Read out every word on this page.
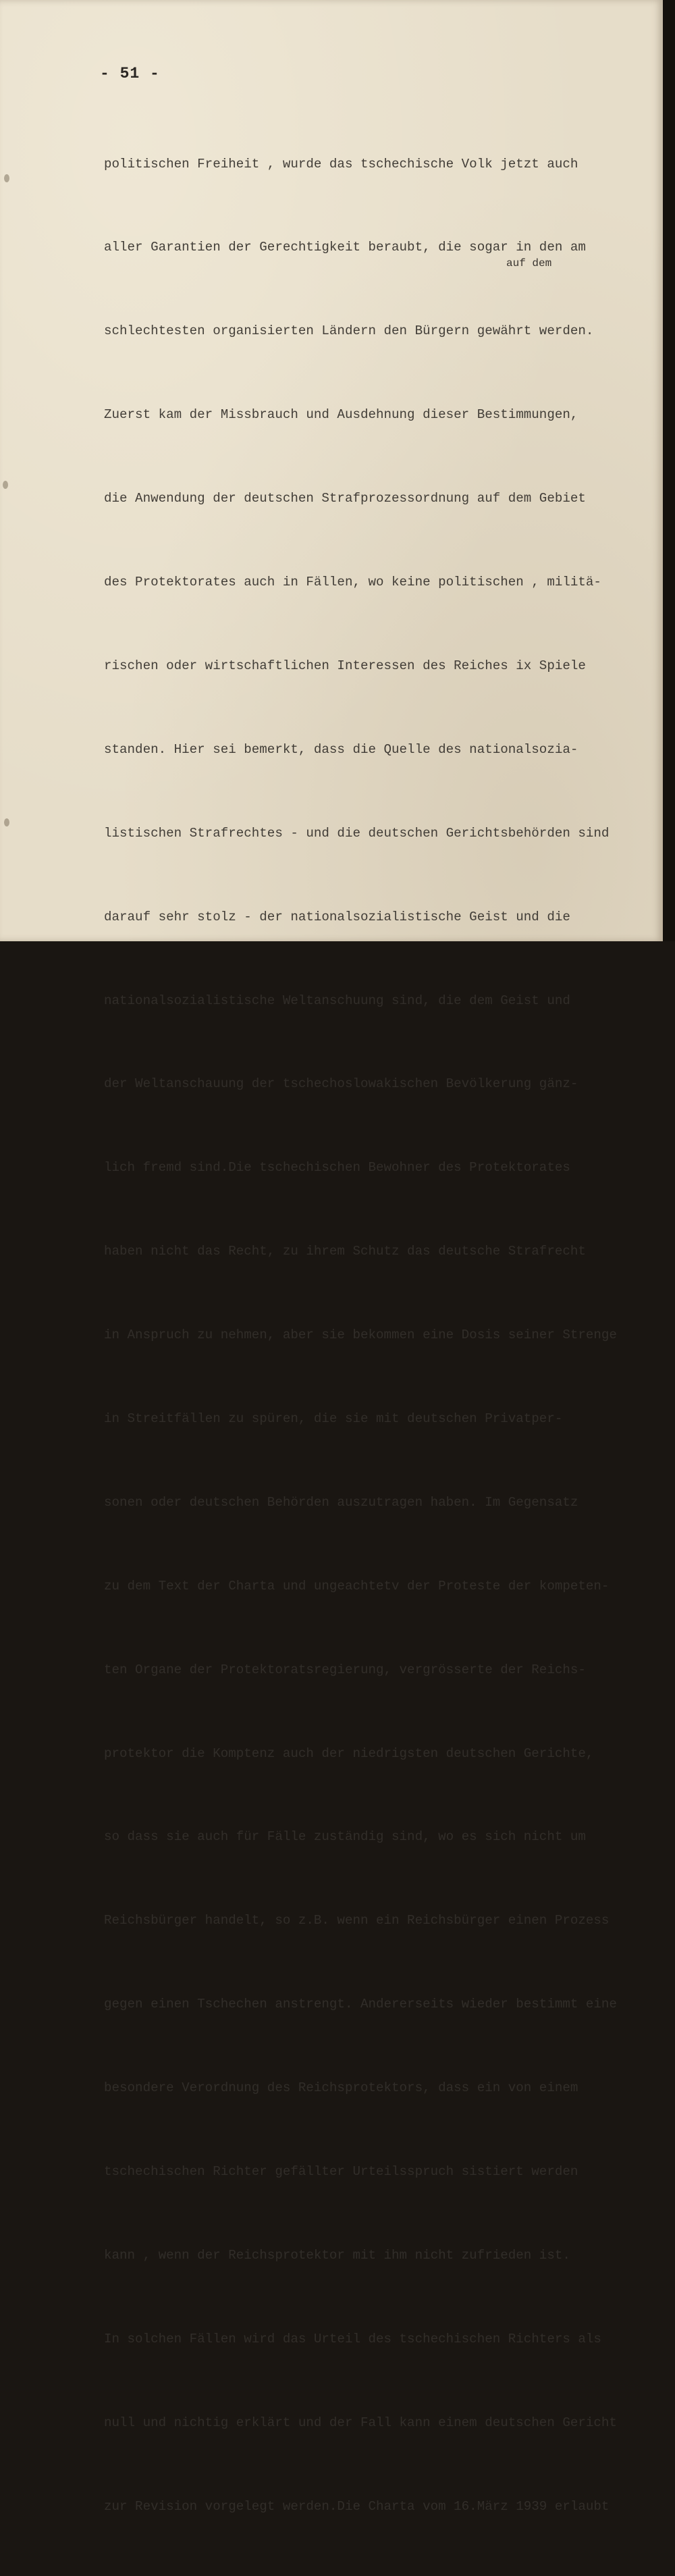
- 51 -
auf dem

politischen Freiheit , wurde das tschechische Volk jetzt auch

aller Garantien der Gerechtigkeit beraubt, die sogar in den am

schlechtesten organisierten Ländern den Bürgern gewährt werden.

Zuerst kam der Missbrauch und Ausdehnung dieser Bestimmungen,

die Anwendung der deutschen Strafprozessordnung auf dem Gebiet

des Protektorates auch in Fällen, wo keine politischen , militä-

rischen oder wirtschaftlichen Interessen des Reiches ix Spiele

standen. Hier sei bemerkt, dass die Quelle des nationalsozia-

listischen Strafrechtes - und die deutschen Gerichtsbehörden sind

darauf sehr stolz - der nationalsozialistische Geist und die

nationalsozialistische Weltanschuung sind, die dem Geist und

der Weltanschauung der tschechoslowakischen Bevölkerung gänz-

lich fremd sind.Die tschechischen Bewohner des Protektorates

haben nicht das Recht, zu ihrem Schutz das deutsche Strafrecht

in Anspruch zu nehmen, aber sie bekommen eine Dosis seiner Strenge

in Streitfällen zu spüren, die sie mit deutschen Privatper-

sonen oder deutschen Behörden auszutragen haben. Im Gegensatz

zu dem Text der Charta und ungeachtetv der Proteste der kompeten-

ten Organe der Protektoratsregierung, vergrösserte der Reichs-

protektor die Komptenz auch der niedrigsten deutschen Gerichte,

so dass sie auch für Fälle zuständig sind, wo es sich nicht um

Reichsbürger handelt, so z.B. wenn ein Reichsbürger einen Prozess

gegen einen Tschechen anstrengt. Andererseits wieder bestimmt eine

besondere Verordnung des Reichsprotektors, dass ein von einem

tschechischen Richter gefällter Urteilsspruch sistiert werden

kann , wenn der Reichsprotektor mit ihm nicht zufrieden ist.

In solchen Fällen wird das Urteil des tschechischen Richters als

null und nichtig erklärt und der Fall kann einem deutschen Gericht

zur Revision vorgelegt werden.Die Charta vom 16.März 1939 erlaubt
